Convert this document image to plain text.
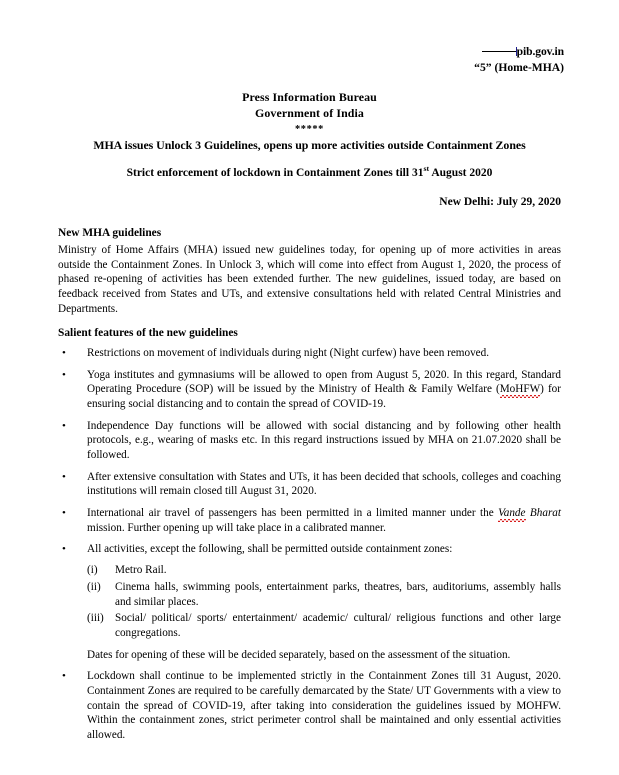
pib.gov.in
“5” (Home-MHA)
Press Information Bureau
Government of India
*****
MHA issues Unlock 3 Guidelines, opens up more activities outside Containment Zones
Strict enforcement of lockdown in Containment Zones till 31st August 2020
New Delhi: July 29, 2020
New MHA guidelines

Ministry of Home Affairs (MHA) issued new guidelines today, for opening up of more activities in areas outside the Containment Zones. In Unlock 3, which will come into effect from August 1, 2020, the process of phased re-opening of activities has been extended further. The new guidelines, issued today, are based on feedback received from States and UTs, and extensive consultations held with related Central Ministries and Departments.

Salient features of the new guidelines
• Restrictions on movement of individuals during night (Night curfew) have been removed.
• Yoga institutes and gymnasiums will be allowed to open from August 5, 2020. In this regard, Standard Operating Procedure (SOP) will be issued by the Ministry of Health & Family Welfare (MoHFW) for ensuring social distancing and to contain the spread of COVID-19.
• Independence Day functions will be allowed with social distancing and by following other health protocols, e.g., wearing of masks etc. In this regard instructions issued by MHA on 21.07.2020 shall be followed.
• After extensive consultation with States and UTs, it has been decided that schools, colleges and coaching institutions will remain closed till August 31, 2020.
• International air travel of passengers has been permitted in a limited manner under the Vande Bharat mission. Further opening up will take place in a calibrated manner.
• All activities, except the following, shall be permitted outside containment zones:
(i)	Metro Rail.
(ii)	Cinema halls, swimming pools, entertainment parks, theatres, bars, auditoriums, assembly halls and similar places.
(iii)	Social/ political/ sports/ entertainment/ academic/ cultural/ religious functions and other large congregations.

Dates for opening of these will be decided separately, based on the assessment of the situation.

• Lockdown shall continue to be implemented strictly in the Containment Zones till 31 August, 2020. Containment Zones are required to be carefully demarcated by the State/ UT Governments with a view to contain the spread of COVID-19, after taking into consideration the guidelines issued by MOHFW. Within the containment zones, strict perimeter control shall be maintained and only essential activities allowed.
